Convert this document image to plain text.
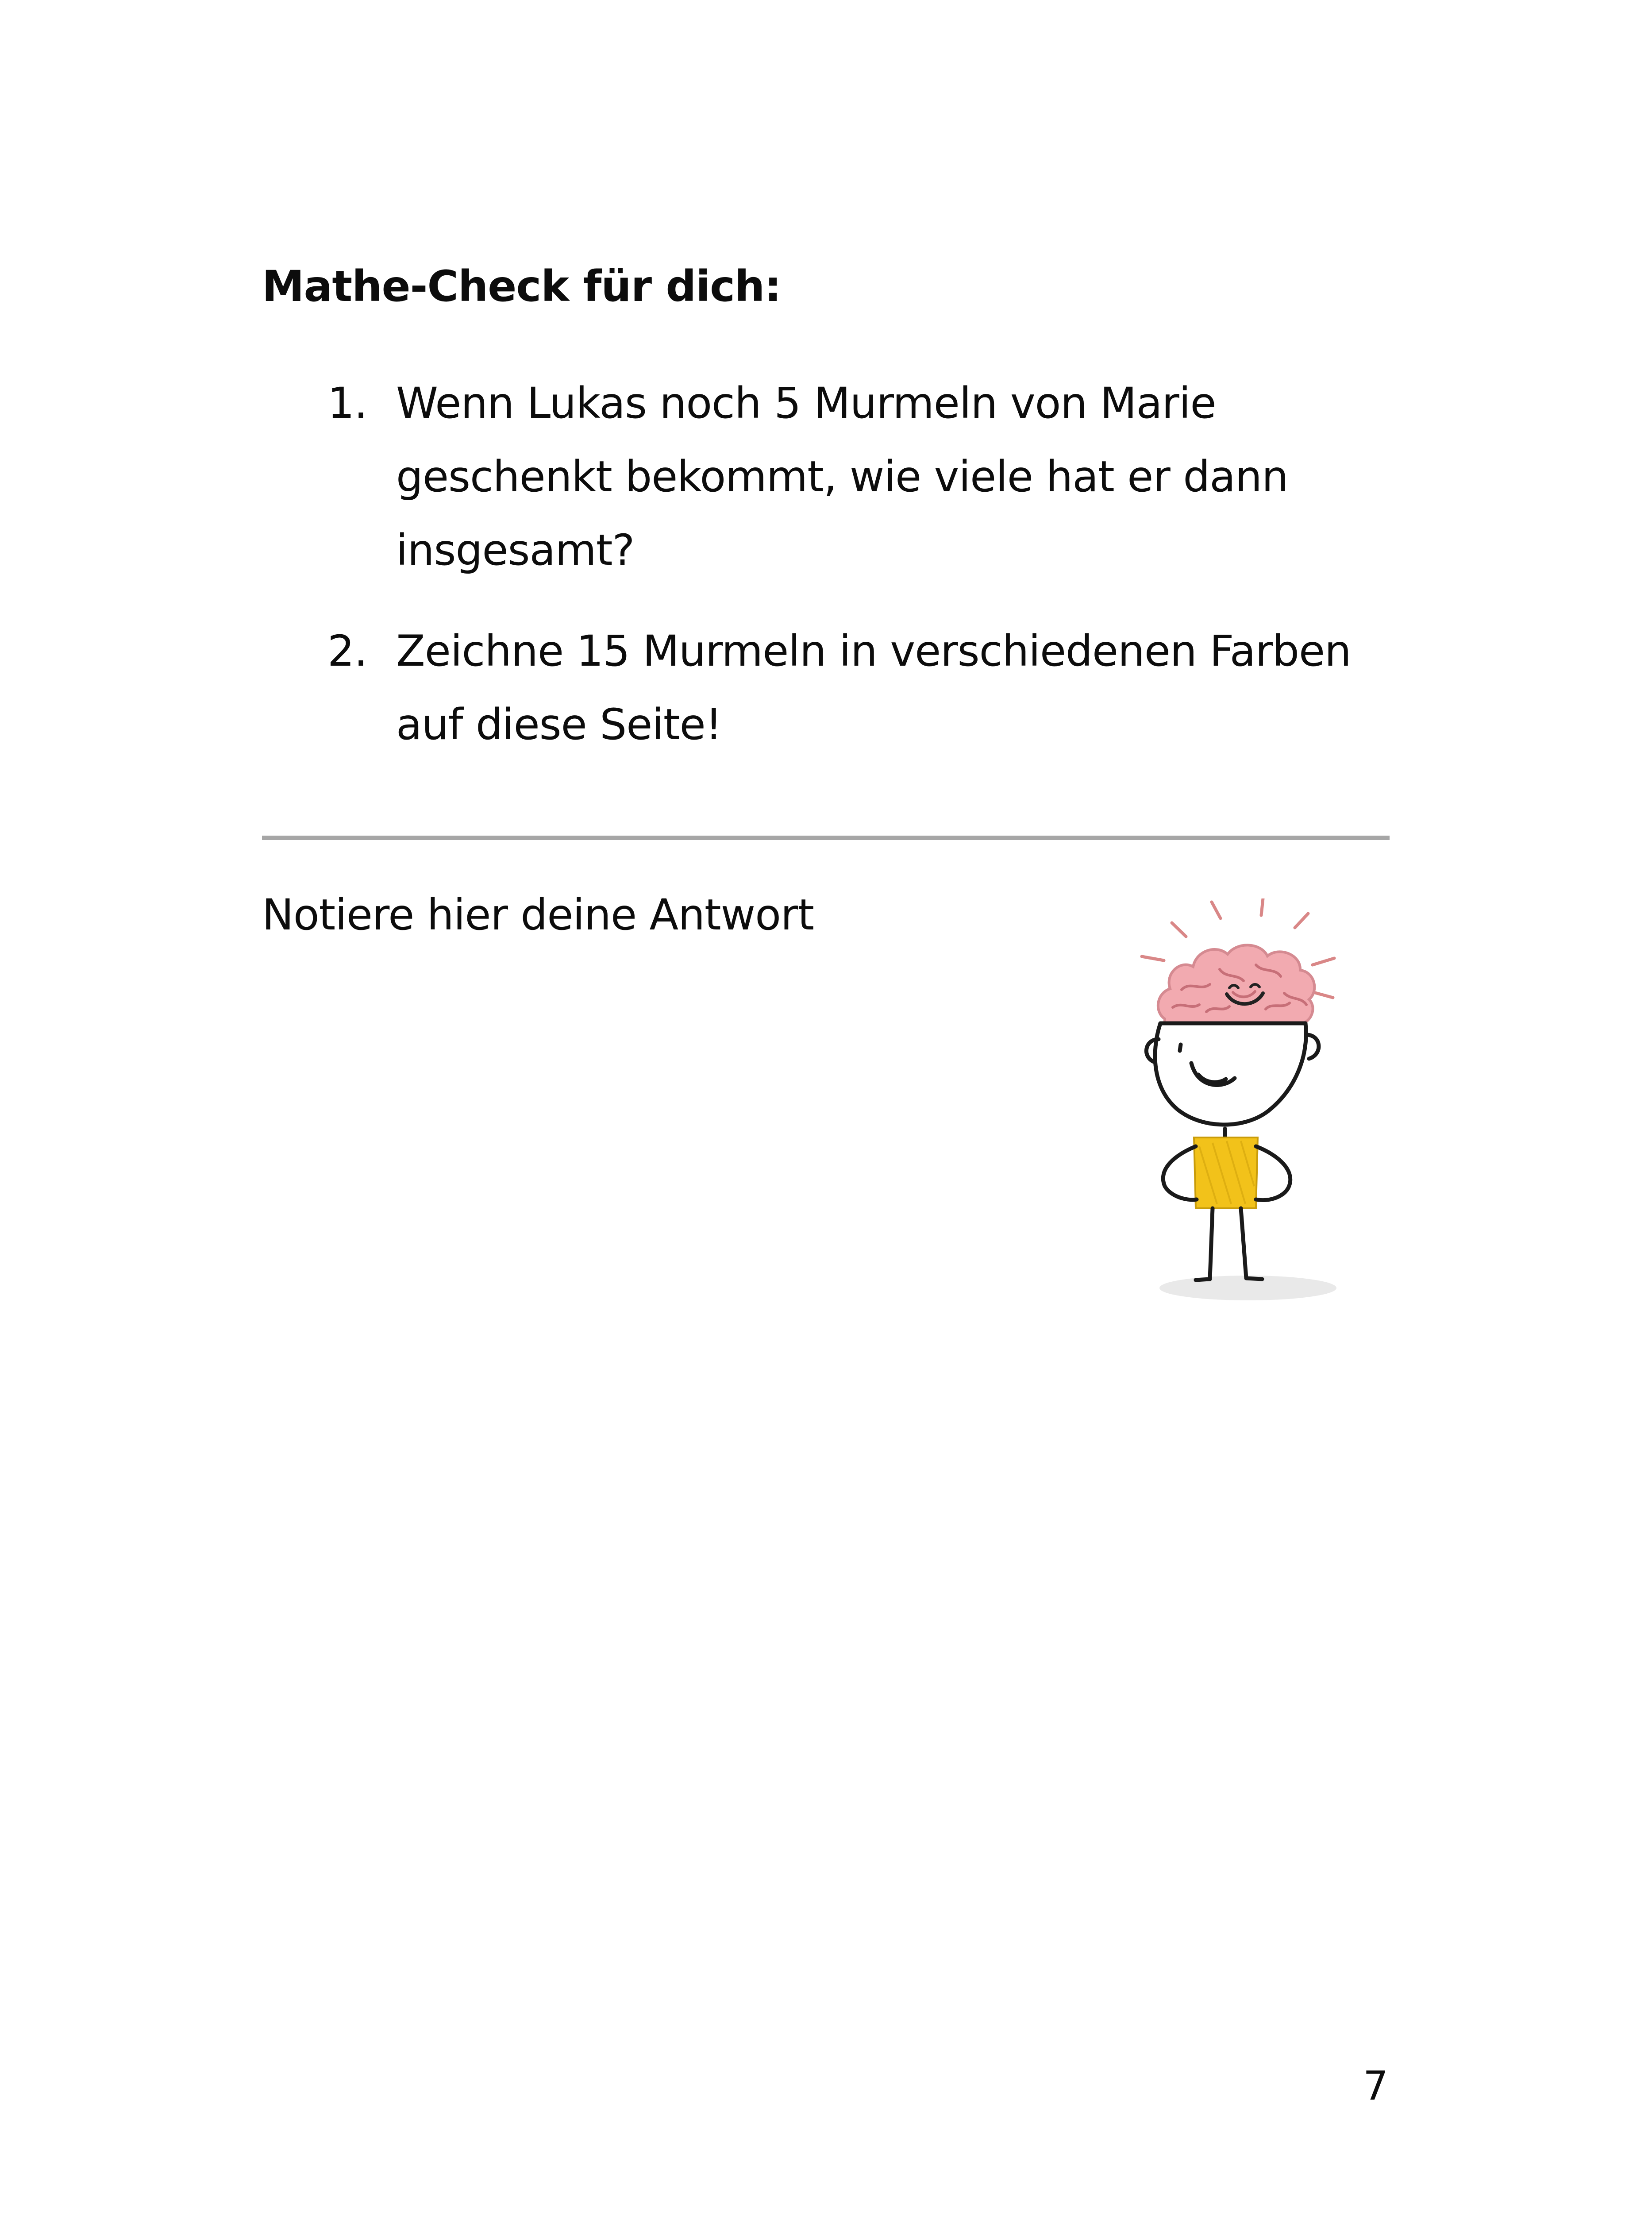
Mathe-Check für dich:
1. Wenn Lukas noch 5 Murmeln von Marie geschenkt bekommt, wie viele hat er dann insgesamt?
2. Zeichne 15 Murmeln in verschiedenen Farben auf diese Seite!
Notiere hier deine Antwort
7
